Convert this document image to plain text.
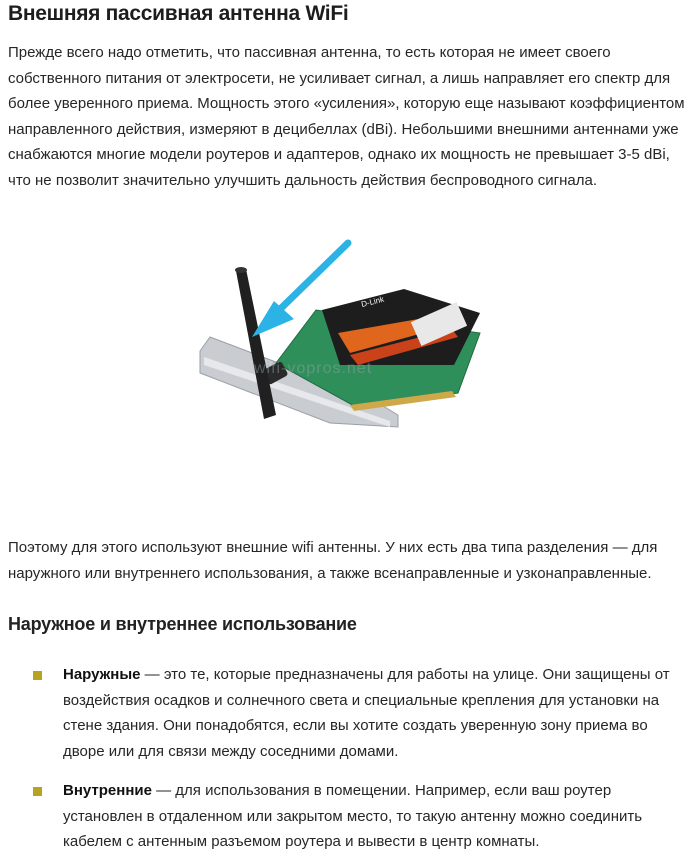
Внешняя пассивная антенна WiFi

Прежде всего надо отметить, что пассивная антенна, то есть которая не имеет своего собственного питания от электросети, не усиливает сигнал, а лишь направляет его спектр для более уверенного приема. Мощность этого «усиления», которую еще называют коэффициентом направленного действия, измеряют в децибеллах (dBi). Небольшими внешними антеннами уже снабжаются многие модели роутеров и адаптеров, однако их мощность не превышает 3-5 dBi, что не позволит значительно улучшить дальность действия беспроводного сигнала.

D-Link
wifi-vopros.net

Поэтому для этого используют внешние wifi антенны. У них есть два типа разделения — для наружного или внутреннего использования, а также всенаправленные и узконаправленные.

Наружное и внутреннее использование
Наружные — это те, которые предназначены для работы на улице. Они защищены от воздействия осадков и солнечного света и специальные крепления для установки на стене здания. Они понадобятся, если вы хотите создать уверенную зону приема во дворе или для связи между соседними домами.
Внутренние — для использования в помещении. Например, если ваш роутер установлен в отдаленном или закрытом место, то такую антенну можно соединить кабелем с антенным разъемом роутера и вывести в центр комнаты.
